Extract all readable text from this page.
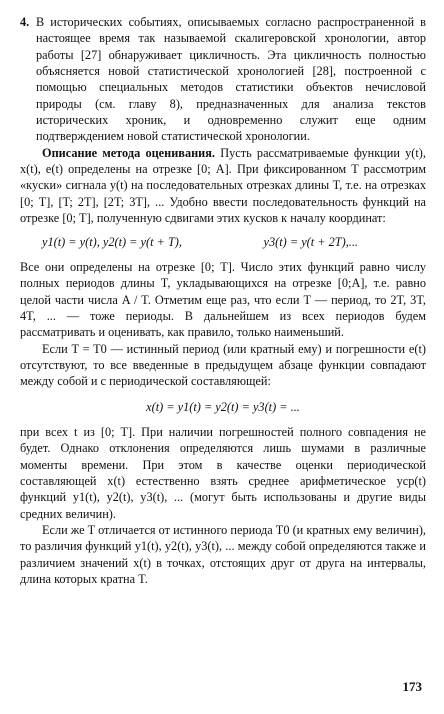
4. В исторических событиях, описываемых согласно распространенной в настоящее время так называемой скалигеровской хронологии, автор работы [27] обнаруживает цикличность. Эта цикличность полностью объясняется новой статистической хронологией [28], построенной с помощью специальных методов статистики объектов нечисловой природы (см. главу 8), предназначенных для анализа текстов исторических хроник, и одновременно служит еще одним подтверждением новой статистической хронологии.

Описание метода оценивания. Пусть рассматриваемые функции y(t), x(t), e(t) определены на отрезке [0; A]. При фиксированном T рассмотрим «куски» сигнала y(t) на последовательных отрезках длины T, т.е. на отрезках [0; T], [T; 2T], [2T; 3T], ... Удобно ввести последовательность функций на отрезке [0; T], полученную сдвигами этих кусков к началу координат:

y1(t) = y(t), y2(t) = y(t + T),	y3(t) = y(t + 2T),...

Все они определены на отрезке [0; T]. Число этих функций равно числу полных периодов длины T, укладывающихся на отрезке [0;A], т.е. равно целой части числа A / T. Отметим еще раз, что если T — период, то 2T, 3T, 4T, ... — тоже периоды. В дальнейшем из всех периодов будем рассматривать и оценивать, как правило, только наименьший.

Если T = T0 — истинный период (или кратный ему) и погрешности e(t) отсутствуют, то все введенные в предыдущем абзаце функции совпадают между собой и с периодической составляющей:

x(t) = y1(t) = y2(t) = y3(t) = ...

при всех t из [0; T]. При наличии погрешностей полного совпадения не будет. Однако отклонения определяются лишь шумами в различные моменты времени. При этом в качестве оценки периодической составляющей x(t) естественно взять среднее арифметическое yср(t) функций y1(t), y2(t), y3(t), ... (могут быть использованы и другие виды средних величин).

Если же T отличается от истинного периода T0 (и кратных ему величин), то различия функций y1(t), y2(t), y3(t), ... между собой определяются также и различием значений x(t) в точках, отстоящих друг от друга на интервалы, длина которых кратна T.

173
